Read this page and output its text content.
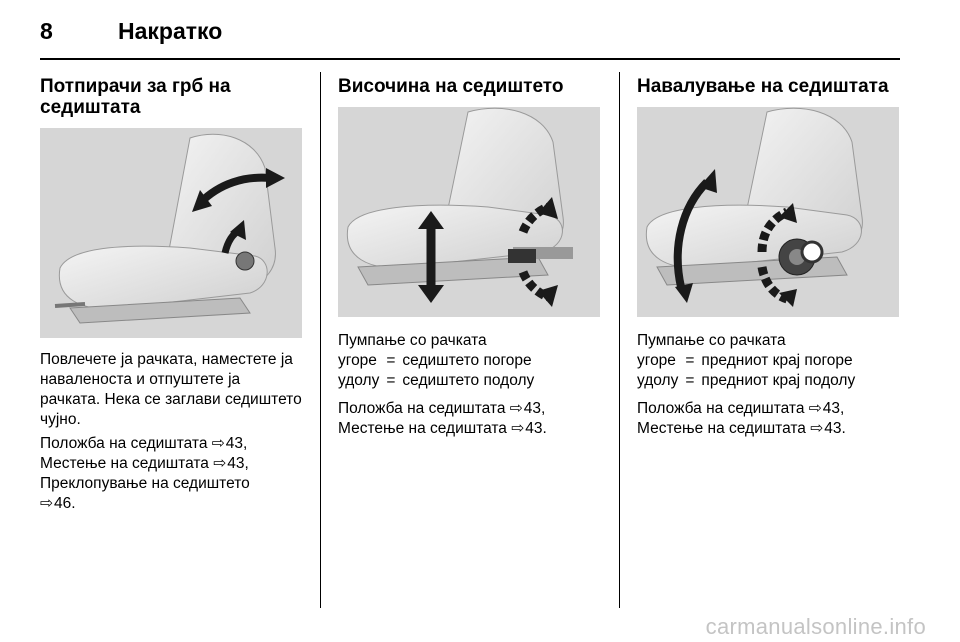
8	Накратко
Потпирачи за грб на седиштата

Повлечете ја рачката, наместете ја наваленоста и отпуштете ја рачката. Нека се заглави седиштето чујно.

Положба на седиштата ⇨ 43,
Местење на седиштата ⇨ 43,
Преклопување на седиштето
⇨ 46.

Височина на седиштето

Пумпање со рачката

угоре	=	седиштето погоре
удолу	=	седиштето подолу

Положба на седиштата ⇨ 43,
Местење на седиштата ⇨ 43.

Навалување на седиштата

Пумпање со рачката

угоре	=	предниот крај погоре
удолу	=	предниот крај подолу

Положба на седиштата ⇨ 43,
Местење на седиштата ⇨ 43.

carmanualsonline.info
